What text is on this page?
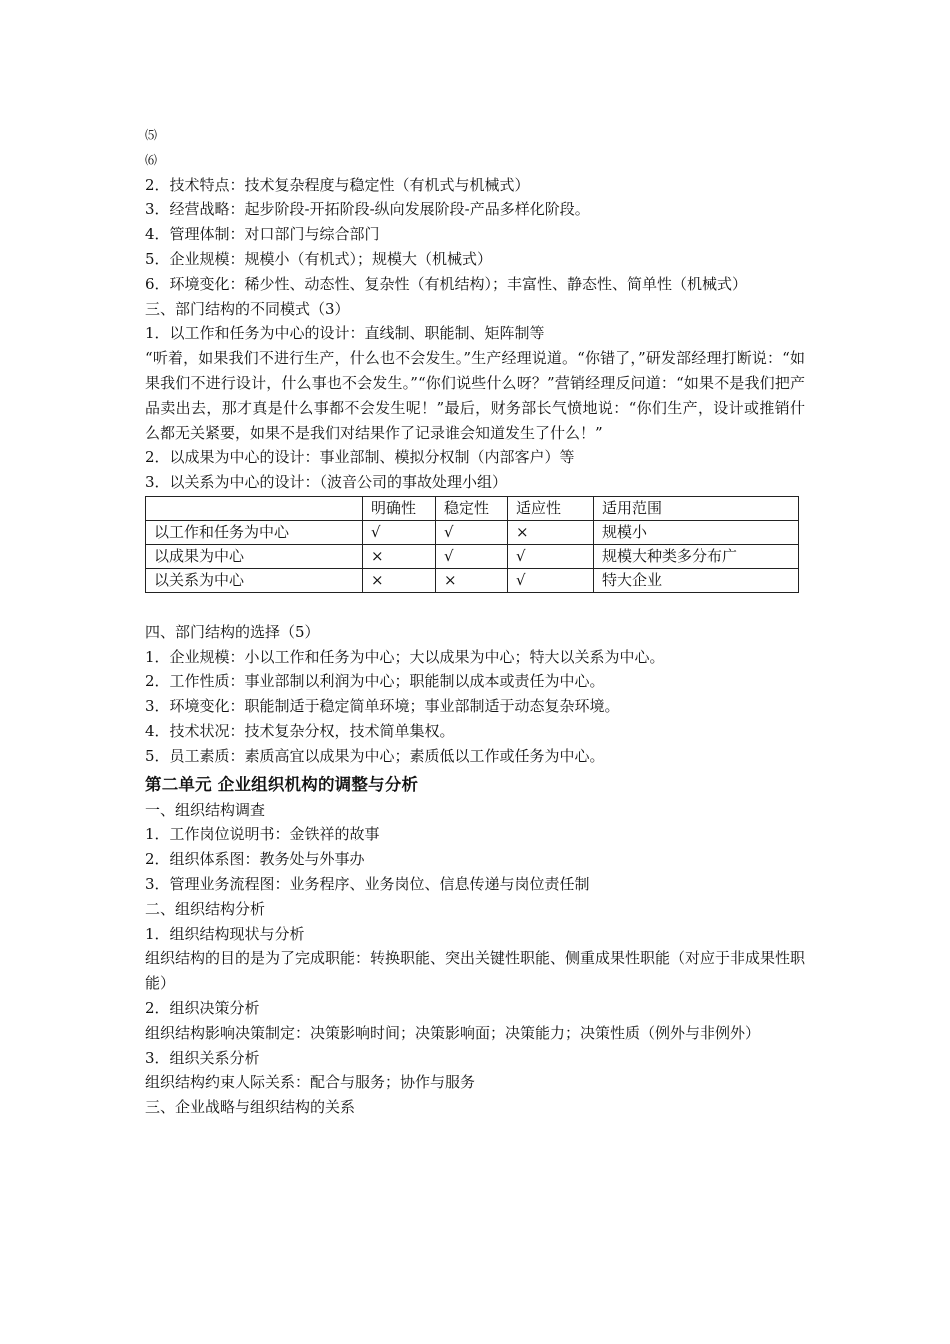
⑸

⑹

2．技术特点：技术复杂程度与稳定性（有机式与机械式）

3．经营战略：起步阶段-开拓阶段-纵向发展阶段-产品多样化阶段。

4．管理体制：对口部门与综合部门

5．企业规模：规模小（有机式）；规模大（机械式）

6．环境变化：稀少性、动态性、复杂性（有机结构）；丰富性、静态性、简单性（机械式）

三、部门结构的不同模式（3）

1．以工作和任务为中心的设计：直线制、职能制、矩阵制等

“听着，如果我们不进行生产，什么也不会发生。”生产经理说道。“你错了，”研发部经理打断说：“如果我们不进行设计，什么事也不会发生。”“你们说些什么呀？”营销经理反问道：“如果不是我们把产品卖出去，那才真是什么事都不会发生呢！”最后，财务部长气愤地说：“你们生产，设计或推销什么都无关紧要，如果不是我们对结果作了记录谁会知道发生了什么！”

2．以成果为中心的设计：事业部制、模拟分权制（内部客户）等

3．以关系为中心的设计：（波音公司的事故处理小组）

	明确性	稳定性	适应性	适用范围
以工作和任务为中心	√	√	×	规模小
以成果为中心	×	√	√	规模大种类多分布广
以关系为中心	×	×	√	特大企业

四、部门结构的选择（5）

1．企业规模：小以工作和任务为中心；大以成果为中心；特大以关系为中心。

2．工作性质：事业部制以利润为中心；职能制以成本或责任为中心。

3．环境变化：职能制适于稳定简单环境；事业部制适于动态复杂环境。

4．技术状况：技术复杂分权，技术简单集权。

5．员工素质：素质高宜以成果为中心；素质低以工作或任务为中心。

第二单元 企业组织机构的调整与分析

一、组织结构调查

1．工作岗位说明书：金铁祥的故事

2．组织体系图：教务处与外事办

3．管理业务流程图：业务程序、业务岗位、信息传递与岗位责任制

二、组织结构分析

1．组织结构现状与分析

组织结构的目的是为了完成职能：转换职能、突出关键性职能、侧重成果性职能（对应于非成果性职能）

2．组织决策分析

组织结构影响决策制定：决策影响时间；决策影响面；决策能力；决策性质（例外与非例外）

3．组织关系分析

组织结构约束人际关系：配合与服务；协作与服务

三、企业战略与组织结构的关系
